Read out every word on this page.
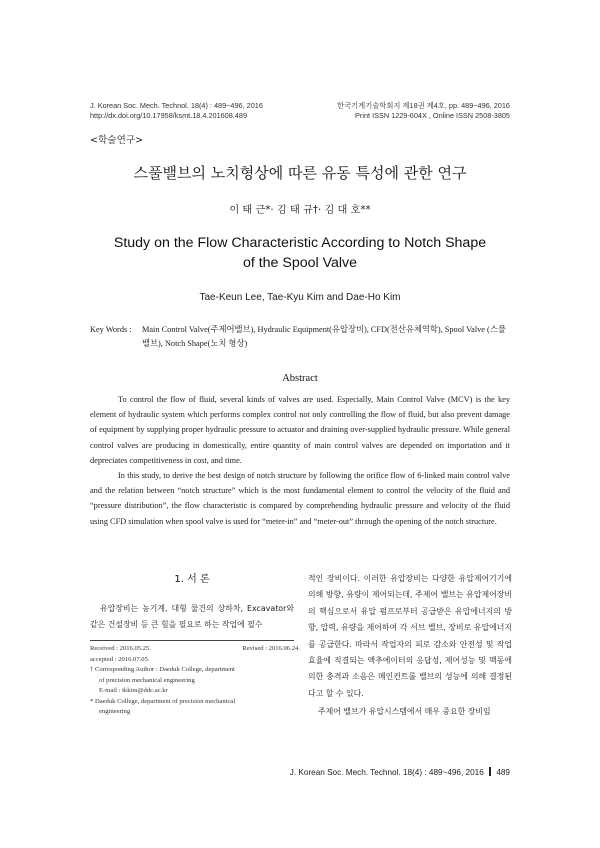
J. Korean Soc. Mech. Technol. 18(4) : 489~496, 2016
http://dx.doi.org/10.17958/ksmt.18.4.201608.489
한국기계기술학회지 제18권 제4호, pp. 489~496, 2016
Print ISSN 1229-604X , Online ISSN 2508-3805
<학술연구>
스풀밸브의 노치형상에 따른 유동 특성에 관한 연구
이 태 근*· 김 태 규†· 김 대 호**
Study on the Flow Characteristic According to Notch Shape
of the Spool Valve
Tae-Keun Lee, Tae-Kyu Kim and Dae-Ho Kim
Key Words :	Main Control Valve(주제어밸브), Hydraulic Equipment(유압장비), CFD(전산유체역학), Spool Valve (스풀 밸브), Notch Shape(노치 형상)
Abstract

To control the flow of fluid, several kinds of valves are used. Especially, Main Control Valve (MCV) is the key element of hydraulic system which performs complex control not only controlling the flow of fluid, but also prevent damage of equipment by supplying proper hydraulic pressure to actuator and draining over-supplied hydraulic pressure. While general control valves are producing in domestically, entire quantity of main control valves are depended on importation and it depreciates competitiveness in cost, and time.

In this study, to derive the best design of notch structure by following the orifice flow of 6-linked main control valve and the relation between “notch structure” which is the most fundamental element to control the velocity of the fluid and “pressure distribution”, the flow characteristic is compared by comprehending hydraulic pressure and velocity of the fluid using CFD simulation when spool valve is used for “meter-in” and “meter-out” through the opening of the notch structure.

1. 서 론

유압장비는 농기계, 대형 물건의 상하차, Excavator와 같은 건설장비 등 큰 힘을 필요로 하는 작업에 필수

Received : 2016.05.25.	Revised : 2016.06.24.
accepted : 2016.07.05.
† Corresponding Author : Daeduk College, department
of precision mechanical engineering
E-mail : tkkim@ddc.ac.kr
* Daeduk College, department of precision mechanical
engineering

적인 장비이다. 이러한 유압장비는 다양한 유압제어기기에 의해 방향, 유량이 제어되는데, 주제어 밸브는 유압제어장비의 핵심으로서 유압 펌프로부터 공급받은 유압에너지의 방향, 압력, 유량을 제어하여 각 서브 밸브, 장비로 유압에너지를 공급한다. 따라서 작업자의 피로 감소와 안전성 및 작업 효율에 직결되는 액추에이터의 응답성, 제어성능 및 맥동에 의한 충격과 소음은 메인컨트롤 밸브의 성능에 의해 결정된다고 할 수 있다.

주제어 밸브가 유압시스템에서 매우 중요한 장비임

J. Korean Soc. Mech. Technol. 18(4) : 489~496, 2016 489
